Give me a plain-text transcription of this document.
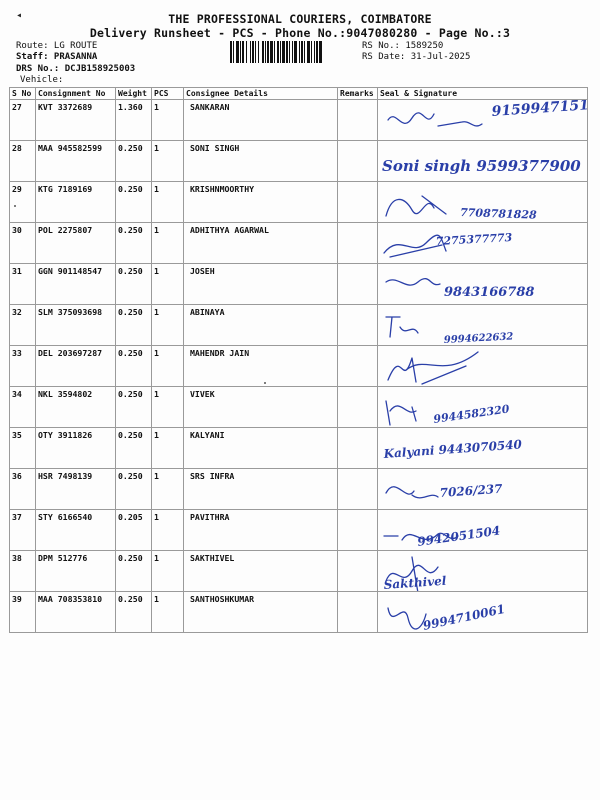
◂	THE PROFESSIONAL COURIERS, COIMBATORE
Delivery Runsheet - PCS - Phone No.:9047080280 - Page No.:3
Route: LG ROUTE
Staff: PRASANNA
DRS No.: DCJB158925003
Vehicle:
RS No.: 1589250
RS Date: 31-Jul-2025
S No	Consignment No	Weight	PCS	Consignee Details	Remarks	Seal & Signature
27	KVT 3372689	1.360	1	SANKARAN		9159947151

28	MAA 945582599	0.250	1	SONI SINGH		Soni singh 9599377900

29	KTG 7189169	0.250	1	KRISHNMOORTHY		7708781828

30	POL 2275807	0.250	1	ADHITHYA AGARWAL		7275377773

31	GGN 901148547	0.250	1	JOSEH		9843166788

32	SLM 375093698	0.250	1	ABINAYA		9994622632

33	DEL 203697287	0.250	1	MAHENDR JAIN		

34	NKL 3594802	0.250	1	VIVEK		9944582320

35	OTY 3911826	0.250	1	KALYANI		Kalyani 9443070540

36	HSR 7498139	0.250	1	SRS INFRA		7026/237

37	STY 6166540	0.205	1	PAVITHRA		9942051504

38	DPM 512776	0.250	1	SAKTHIVEL		Sakthivel

39	MAA 708353810	0.250	1	SANTHOSHKUMAR		9994710061
